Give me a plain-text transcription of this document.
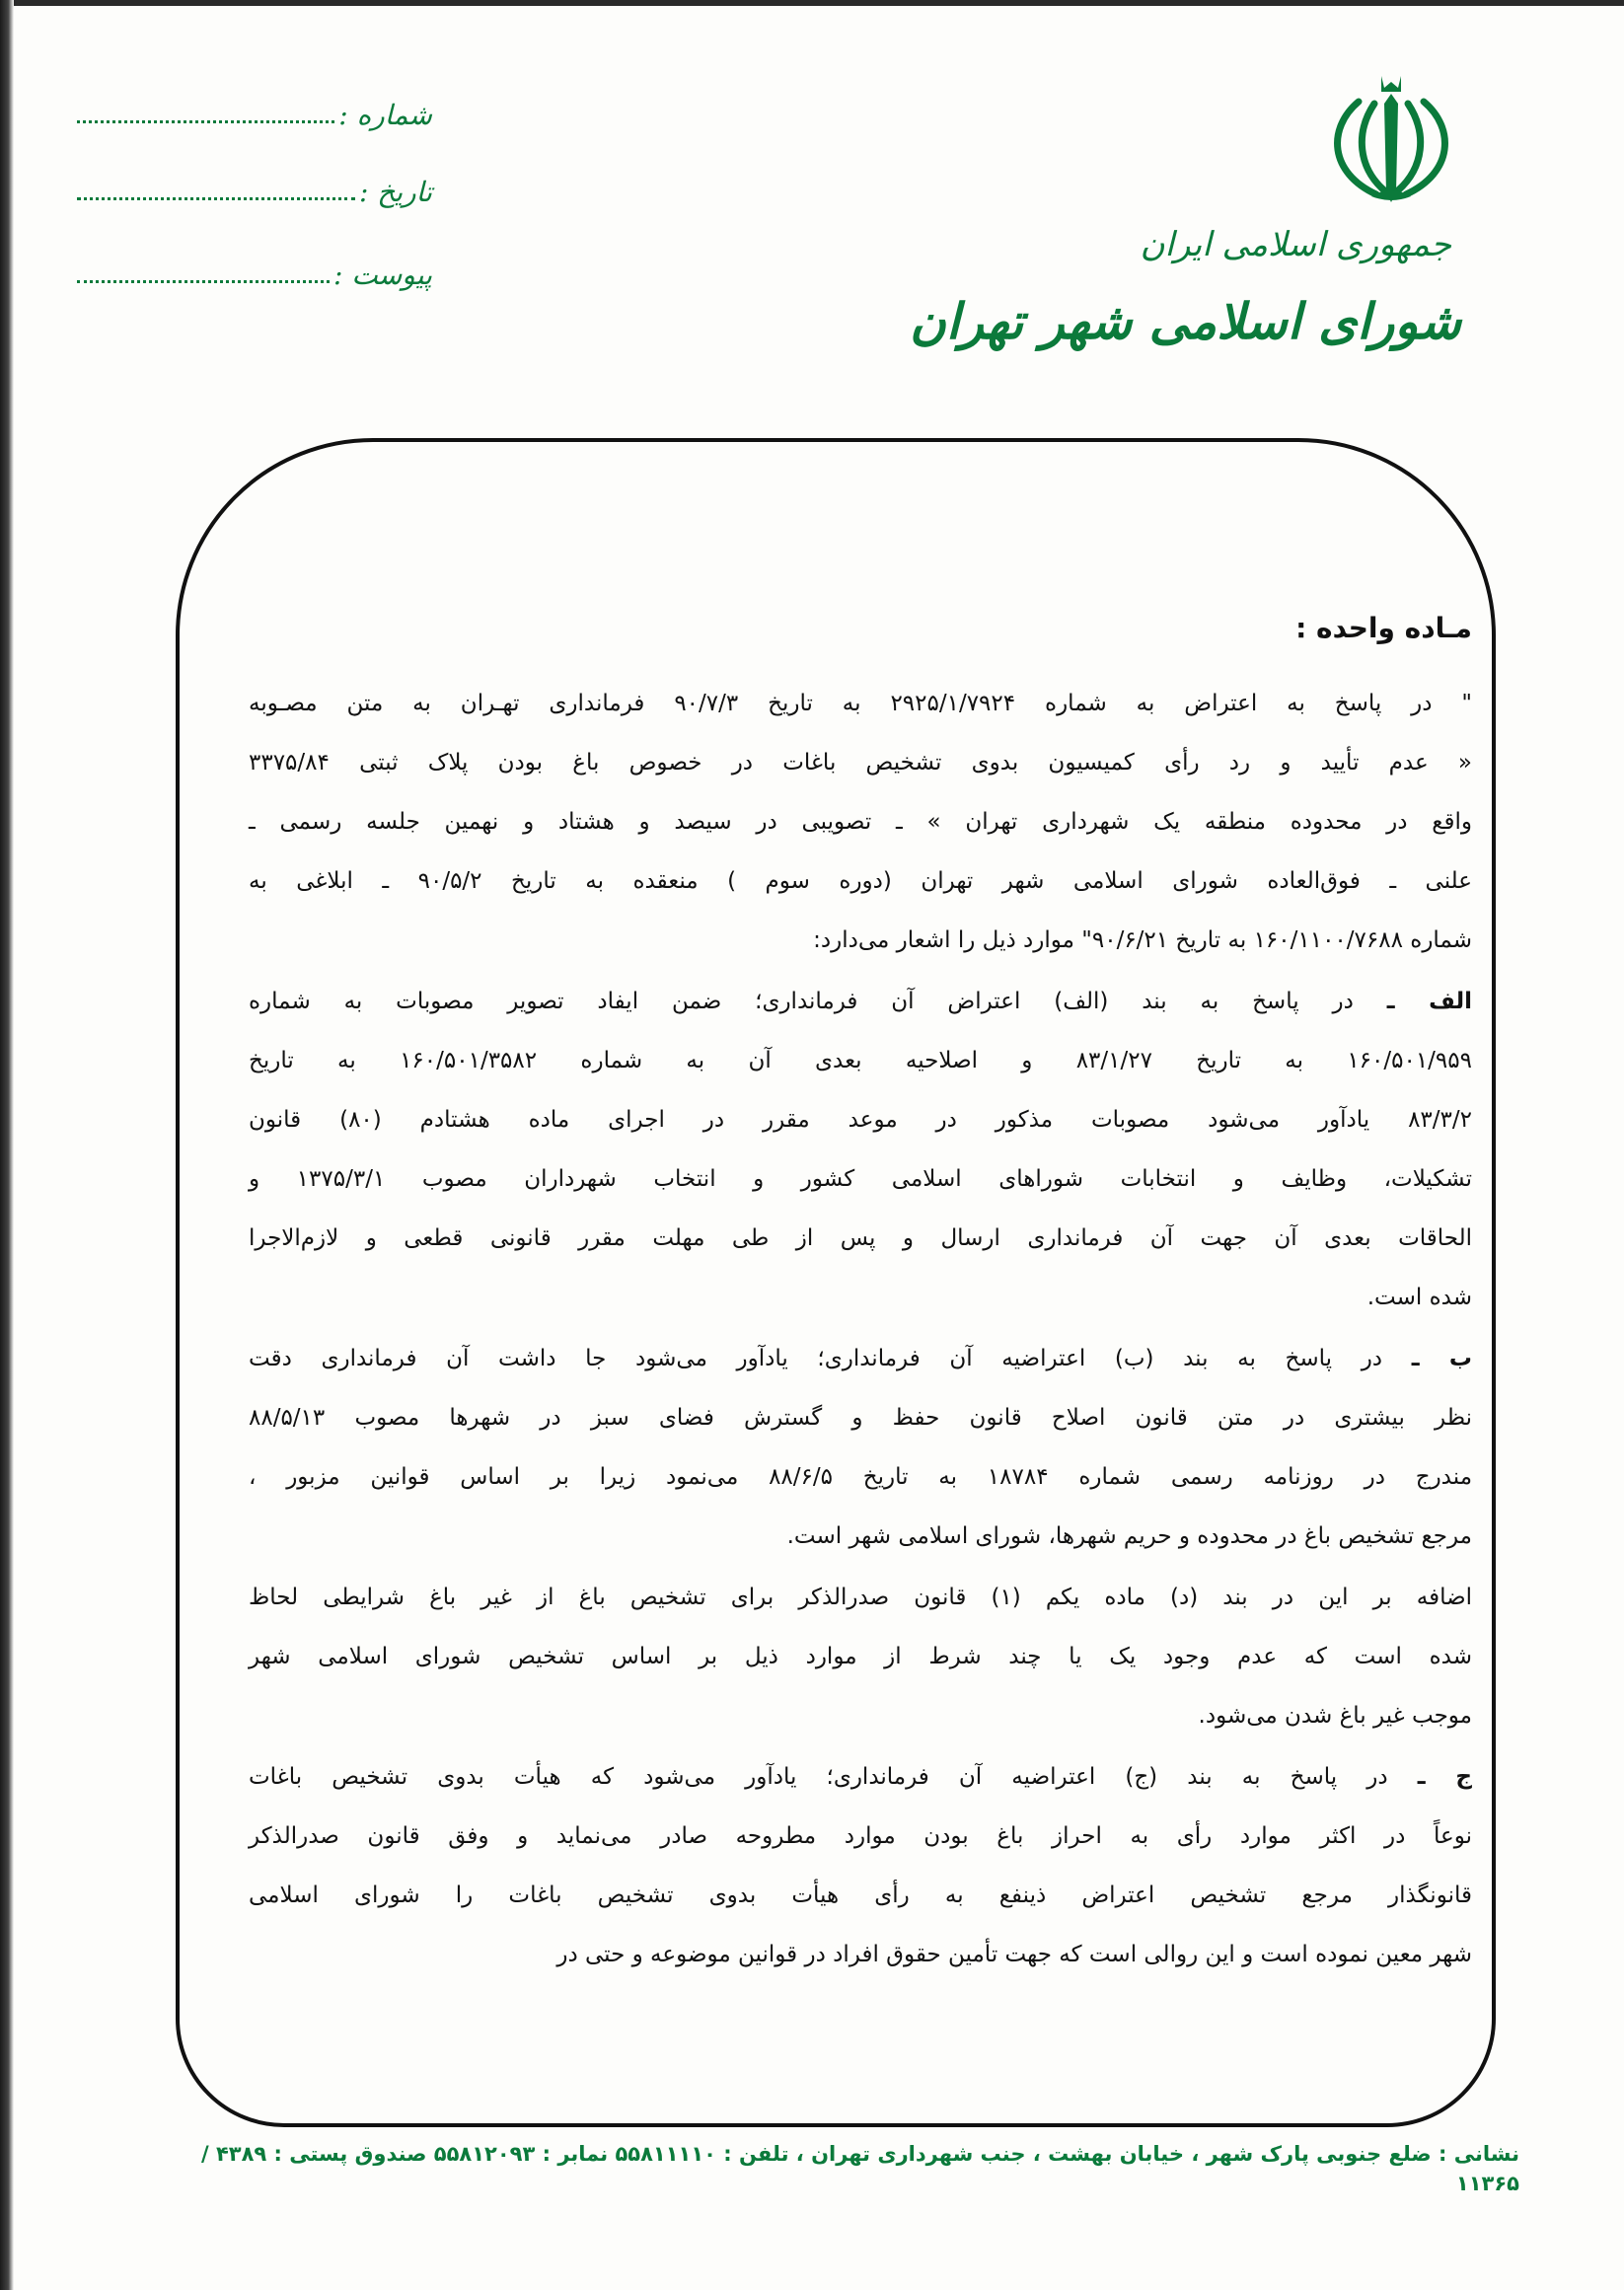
شماره :
تاریخ :
پیوست :
جمهوری اسلامی ایران
شورای اسلامی شهر تهران
مـاده واحده :
" در پاسخ به اعتراض به شماره ۲۹۲۵/۱/۷۹۲۴ به تاریخ ۹۰/۷/۳ فرمانداری تهـران به متن مصـوبه
« عدم تأیید و رد رأی کمیسیون بدوی تشخیص باغات در خصوص باغ بودن پلاک ثبتی ۳۳۷۵/۸۴
واقع در محدوده منطقه یک شهرداری تهران » ـ تصویبی در سیصد و هشتاد و نهمین جلسه رسمی ـ
علنی ـ فوق‌العاده شورای اسلامی شهر تهران (دوره سوم ) منعقده به تاریخ ۹۰/۵/۲ ـ ابلاغی به
شماره ۱۶۰/۱۱۰۰/۷۶۸۸ به تاریخ ۹۰/۶/۲۱" موارد ذیل را اشعار می‌دارد:
الف ـ در پاسخ به بند (الف) اعتراض آن فرمانداری؛ ضمن ایفاد تصویر مصوبات به شماره
۱۶۰/۵۰۱/۹۵۹ به تاریخ ۸۳/۱/۲۷ و اصلاحیه بعدی آن به شماره ۱۶۰/۵۰۱/۳۵۸۲ به تاریخ
۸۳/۳/۲ یادآور می‌شود مصوبات مذکور در موعد مقرر در اجرای ماده هشتادم (۸۰) قانون
تشکیلات، وظایف و انتخابات شوراهای اسلامی کشور و انتخاب شهرداران مصوب ۱۳۷۵/۳/۱ و
الحاقات بعدی آن جهت آن فرمانداری ارسال و پس از طی مهلت مقرر قانونی قطعی و لازم‌الاجرا
شده است.
ب ـ در پاسخ به بند (ب) اعتراضیه آن فرمانداری؛ یادآور می‌شود جا داشت آن فرمانداری دقت
نظر بیشتری در متن قانون اصلاح قانون حفظ و گسترش فضای سبز در شهرها مصوب ۸۸/۵/۱۳
مندرج در روزنامه رسمی شماره ۱۸۷۸۴ به تاریخ ۸۸/۶/۵ می‌نمود زیرا بر اساس قوانین مزبور ،
مرجع تشخیص باغ در محدوده و حریم شهرها، شورای اسلامی شهر است.
اضافه بر این در بند (د) ماده یکم (۱) قانون صدرالذکر برای تشخیص باغ از غیر باغ شرایطی لحاظ
شده است که عدم وجود یک یا چند شرط از موارد ذیل بر اساس تشخیص شورای اسلامی شهر
موجب غیر باغ شدن می‌شود.
ج ـ در پاسخ به بند (ج) اعتراضیه آن فرمانداری؛ یادآور می‌شود که هیأت بدوی تشخیص باغات
نوعاً در اکثر موارد رأی به احراز باغ بودن موارد مطروحه صادر می‌نماید و وفق قانون صدرالذکر
قانونگذار مرجع تشخیص اعتراض ذینفع به رأی هیأت بدوی تشخیص باغات را شورای اسلامی
شهر معین نموده است و این روالی است که جهت تأمین حقوق افراد در قوانین موضوعه و حتی در
نشانی : ضلع جنوبی پارک شهر ، خیابان بهشت ، جنب شهرداری تهران ، تلفن : ۵۵۸۱۱۱۱۰ نمابر : ۵۵۸۱۲۰۹۳ صندوق پستی : ۴۳۸۹ / ۱۱۳۶۵
